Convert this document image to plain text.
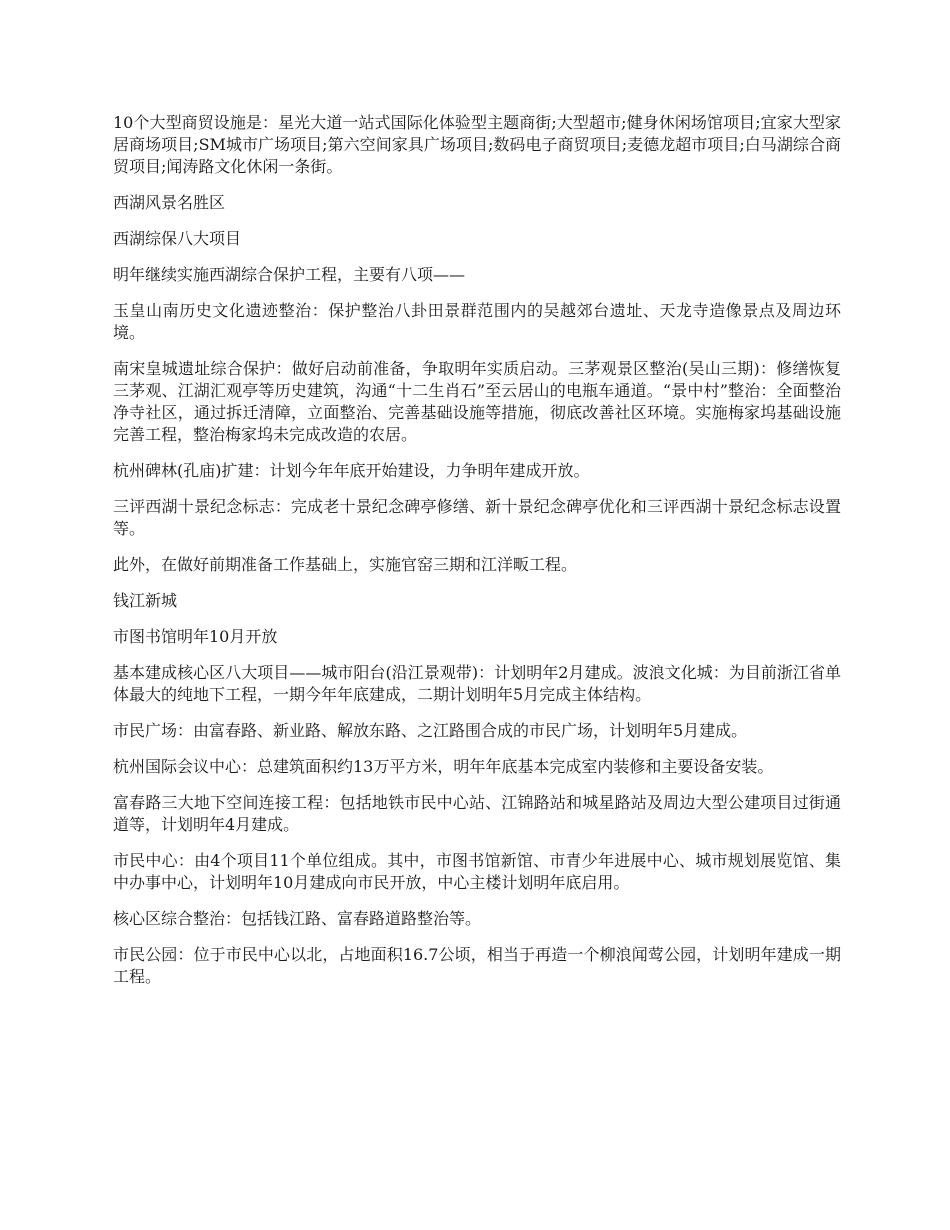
10个大型商贸设施是：星光大道一站式国际化体验型主题商街;大型超市;健身休闲场馆项目;宜家大型家居商场项目;SM城市广场项目;第六空间家具广场项目;数码电子商贸项目;麦德龙超市项目;白马湖综合商贸项目;闻涛路文化休闲一条街。

西湖风景名胜区

西湖综保八大项目

明年继续实施西湖综合保护工程，主要有八项——

玉皇山南历史文化遗迹整治：保护整治八卦田景群范围内的吴越郊台遗址、天龙寺造像景点及周边环境。

南宋皇城遗址综合保护：做好启动前准备，争取明年实质启动。三茅观景区整治(吴山三期)：修缮恢复三茅观、江湖汇观亭等历史建筑，沟通“十二生肖石”至云居山的电瓶车通道。“景中村”整治：全面整治净寺社区，通过拆迁清障，立面整治、完善基础设施等措施，彻底改善社区环境。实施梅家坞基础设施完善工程，整治梅家坞未完成改造的农居。

杭州碑林(孔庙)扩建：计划今年年底开始建设，力争明年建成开放。

三评西湖十景纪念标志：完成老十景纪念碑亭修缮、新十景纪念碑亭优化和三评西湖十景纪念标志设置等。

此外，在做好前期准备工作基础上，实施官窑三期和江洋畈工程。

钱江新城

市图书馆明年10月开放

基本建成核心区八大项目——城市阳台(沿江景观带)：计划明年2月建成。波浪文化城：为目前浙江省单体最大的纯地下工程，一期今年年底建成，二期计划明年5月完成主体结构。

市民广场：由富春路、新业路、解放东路、之江路围合成的市民广场，计划明年5月建成。

杭州国际会议中心：总建筑面积约13万平方米，明年年底基本完成室内装修和主要设备安装。

富春路三大地下空间连接工程：包括地铁市民中心站、江锦路站和城星路站及周边大型公建项目过街通道等，计划明年4月建成。

市民中心：由4个项目11个单位组成。其中，市图书馆新馆、市青少年进展中心、城市规划展览馆、集中办事中心，计划明年10月建成向市民开放，中心主楼计划明年底启用。

核心区综合整治：包括钱江路、富春路道路整治等。

市民公园：位于市民中心以北，占地面积16.7公顷，相当于再造一个柳浪闻莺公园，计划明年建成一期工程。
